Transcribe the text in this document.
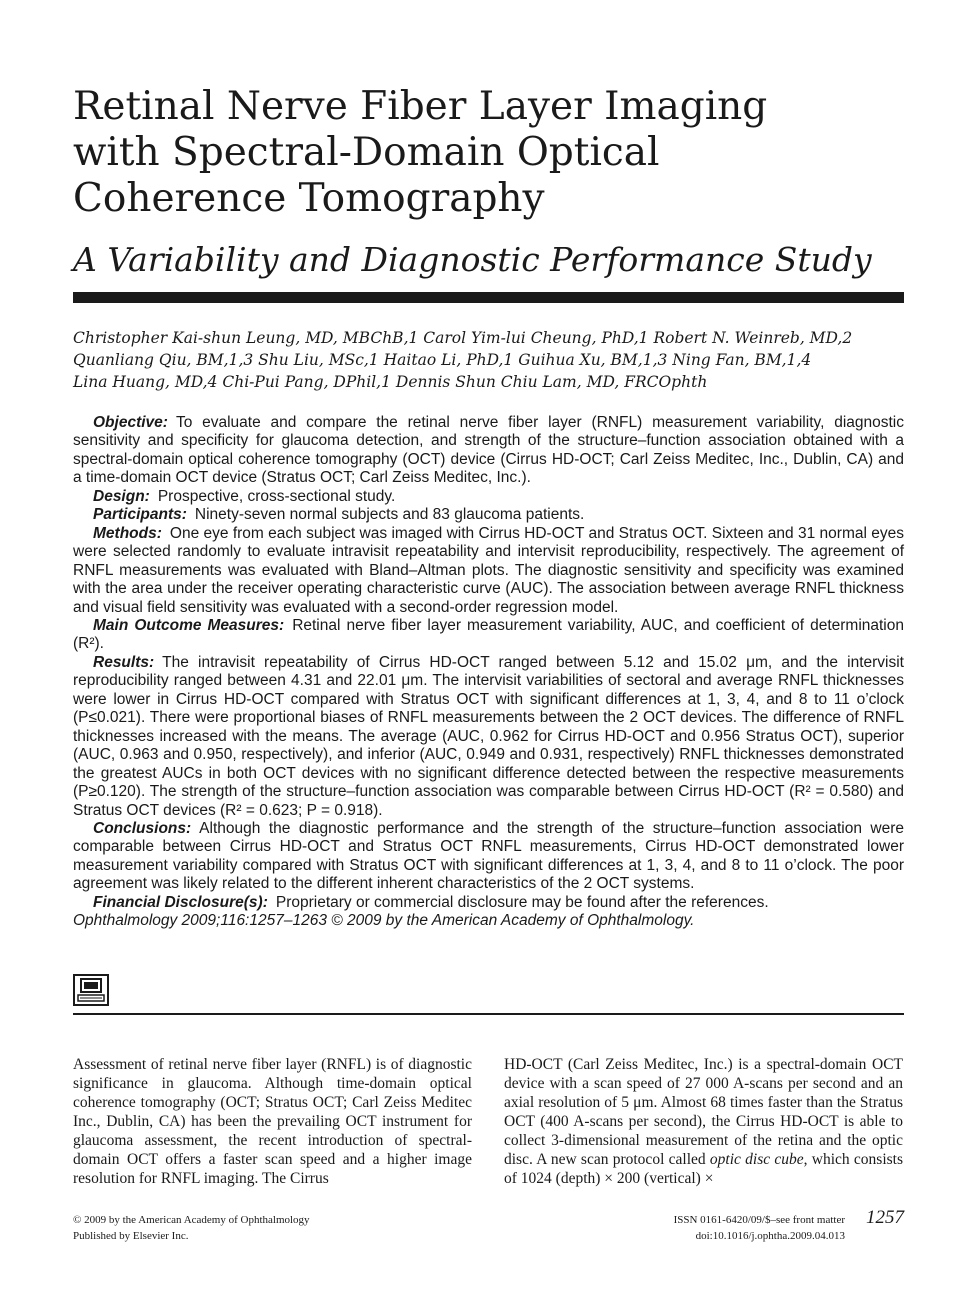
Retinal Nerve Fiber Layer Imaging
with Spectral-Domain Optical
Coherence Tomography
A Variability and Diagnostic Performance Study
Christopher Kai-shun Leung, MD, MBChB,1 Carol Yim-lui Cheung, PhD,1 Robert N. Weinreb, MD,2
Quanliang Qiu, BM,1,3 Shu Liu, MSc,1 Haitao Li, PhD,1 Guihua Xu, BM,1,3 Ning Fan, BM,1,4
Lina Huang, MD,4 Chi-Pui Pang, DPhil,1 Dennis Shun Chiu Lam, MD, FRCOphth

Objective: To evaluate and compare the retinal nerve fiber layer (RNFL) measurement variability, diagnostic sensitivity and specificity for glaucoma detection, and strength of the structure–function association obtained with a spectral-domain optical coherence tomography (OCT) device (Cirrus HD-OCT; Carl Zeiss Meditec, Inc., Dublin, CA) and a time-domain OCT device (Stratus OCT; Carl Zeiss Meditec, Inc.).

Design: Prospective, cross-sectional study.

Participants: Ninety-seven normal subjects and 83 glaucoma patients.

Methods: One eye from each subject was imaged with Cirrus HD-OCT and Stratus OCT. Sixteen and 31 normal eyes were selected randomly to evaluate intravisit repeatability and intervisit reproducibility, respectively. The agreement of RNFL measurements was evaluated with Bland–Altman plots. The diagnostic sensitivity and specificity was examined with the area under the receiver operating characteristic curve (AUC). The association between average RNFL thickness and visual field sensitivity was evaluated with a second-order regression model.

Main Outcome Measures: Retinal nerve fiber layer measurement variability, AUC, and coefficient of determination (R²).

Results: The intravisit repeatability of Cirrus HD-OCT ranged between 5.12 and 15.02 μm, and the intervisit reproducibility ranged between 4.31 and 22.01 μm. The intervisit variabilities of sectoral and average RNFL thicknesses were lower in Cirrus HD-OCT compared with Stratus OCT with significant differences at 1, 3, 4, and 8 to 11 o’clock (P≤0.021). There were proportional biases of RNFL measurements between the 2 OCT devices. The difference of RNFL thicknesses increased with the means. The average (AUC, 0.962 for Cirrus HD-OCT and 0.956 Stratus OCT), superior (AUC, 0.963 and 0.950, respectively), and inferior (AUC, 0.949 and 0.931, respectively) RNFL thicknesses demonstrated the greatest AUCs in both OCT devices with no significant difference detected between the respective measurements (P≥0.120). The strength of the structure–function association was comparable between Cirrus HD-OCT (R² = 0.580) and Stratus OCT devices (R² = 0.623; P = 0.918).

Conclusions: Although the diagnostic performance and the strength of the structure–function association were comparable between Cirrus HD-OCT and Stratus OCT RNFL measurements, Cirrus HD-OCT demonstrated lower measurement variability compared with Stratus OCT with significant differences at 1, 3, 4, and 8 to 11 o’clock. The poor agreement was likely related to the different inherent characteristics of the 2 OCT systems.

Financial Disclosure(s): Proprietary or commercial disclosure may be found after the references.

Ophthalmology 2009;116:1257–1263 © 2009 by the American Academy of Ophthalmology.

Assessment of retinal nerve fiber layer (RNFL) is of diagnostic significance in glaucoma. Although time-domain optical coherence tomography (OCT; Stratus OCT; Carl Zeiss Meditec Inc., Dublin, CA) has been the prevailing OCT instrument for glaucoma assessment, the recent introduction of spectral-domain OCT offers a faster scan speed and a higher image resolution for RNFL imaging. The Cirrus

HD-OCT (Carl Zeiss Meditec, Inc.) is a spectral-domain OCT device with a scan speed of 27 000 A-scans per second and an axial resolution of 5 μm. Almost 68 times faster than the Stratus OCT (400 A-scans per second), the Cirrus HD-OCT is able to collect 3-dimensional measurement of the retina and the optic disc. A new scan protocol called optic disc cube, which consists of 1024 (depth) × 200 (vertical) ×

© 2009 by the American Academy of Ophthalmology
Published by Elsevier Inc.
ISSN 0161-6420/09/$–see front matter
doi:10.1016/j.ophtha.2009.04.013
1257
